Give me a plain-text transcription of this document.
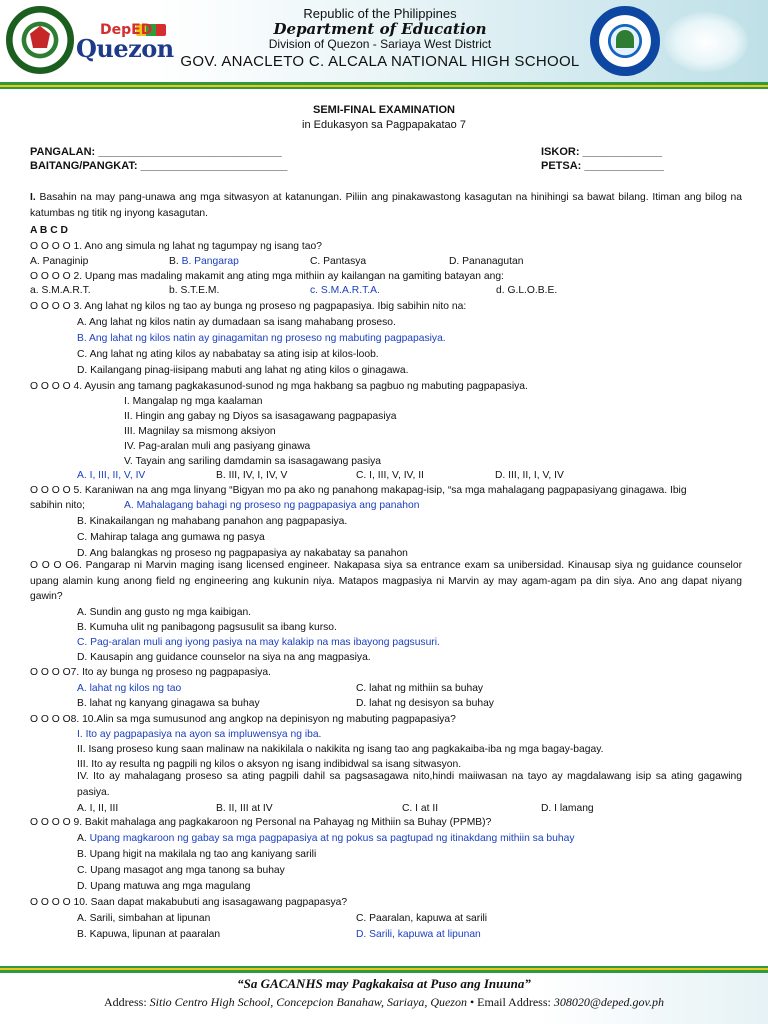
DepED
Quezon
Republic of the Philippines
Department of Education
Division of Quezon - Sariaya West District
GOV. ANACLETO C. ALCALA NATIONAL HIGH SCHOOL
SEMI-FINAL EXAMINATION
in Edukasyon sa Pagpapakatao 7
PANGALAN: ______________________________
BAITANG/PANGKAT: ________________________
ISKOR: _____________
PETSA: _____________
I. Basahin na may pang-unawa ang mga sitwasyon at katanungan. Piliin ang pinakawastong kasagutan na hinihingi sa bawat bilang. Itiman ang bilog na katumbas ng titik ng inyong kasagutan.
A B C D
O O O O 1. Ano ang simula ng lahat ng tagumpay ng isang tao?
A. Panaginip	B. B. Pangarap	C. Pantasya	D. Pananagutan
O O O O 2. Upang mas madaling makamit ang ating mga mithiin ay kailangan na gamiting batayan ang:
a. S.M.A.R.T.	b. S.T.E.M.	c. S.M.A.R.T.A.	d. G.L.O.B.E.
O O O O 3. Ang lahat ng kilos ng tao ay bunga ng proseso ng pagpapasiya. Ibig sabihin nito na:
A. Ang lahat ng kilos natin ay dumadaan sa isang mahabang proseso.
B. Ang lahat ng kilos natin ay ginagamitan ng proseso ng mabuting pagpapasiya.
C. Ang lahat ng ating kilos ay nababatay sa ating isip at kilos-loob.
D. Kailangang pinag-iisipang mabuti ang lahat ng ating kilos o ginagawa.
O O O O 4. Ayusin ang tamang pagkakasunod-sunod ng mga hakbang sa pagbuo ng mabuting pagpapasiya.
I. Mangalap ng mga kaalaman
II. Hingin ang gabay ng Diyos sa isasagawang pagpapasiya
III. Magnilay sa mismong aksiyon
IV. Pag-aralan muli ang pasiyang ginawa
V. Tayain ang sariling damdamin sa isasagawang pasiya
A. I, III, II, V, IV	B. III, IV, I, IV, V	C. I, III, V, IV, II	D. III, II, I, V, IV
O O O O 5. Karaniwan na ang mga linyang “Bigyan mo pa ako ng panahong makapag-isip, “sa mga mahalagang pagpapasiyang ginagawa. Ibig
sabihin nito;	A. Mahalagang bahagi ng proseso ng pagpapasiya ang panahon
B. Kinakailangan ng mahabang panahon ang pagpapasiya.
C. Mahirap talaga ang gumawa ng pasya
D. Ang balangkas ng proseso ng pagpapasiya ay nakabatay sa panahon
O O O O6. Pangarap ni Marvin maging isang licensed engineer. Nakapasa siya sa entrance exam sa unibersidad. Kinausap siya ng guidance counselor upang alamin kung anong field ng engineering ang kukunin niya. Matapos magpasiya ni Marvin ay may agam-agam pa din siya. Ano ang dapat niyang gawin?
A. Sundin ang gusto ng mga kaibigan.
B. Kumuha ulit ng panibagong pagsusulit sa ibang kurso.
C. Pag-aralan muli ang iyong pasiya na may kalakip na mas ibayong pagsusuri.
D. Kausapin ang guidance counselor na siya na ang magpasiya.
O O O O7. Ito ay bunga ng proseso ng pagpapasiya.
A. lahat ng kilos ng tao	C. lahat ng mithiin sa buhay
B. lahat ng kanyang ginagawa sa buhay	D. lahat ng desisyon sa buhay
O O O O8. 10.Alin sa mga sumusunod ang angkop na depinisyon ng mabuting pagpapasiya?
I. Ito ay pagpapasiya na ayon sa impluwensya ng iba.
II. Isang proseso kung saan malinaw na nakikilala o nakikita ng isang tao ang pagkakaiba-iba ng mga bagay-bagay.
III. Ito ay resulta ng pagpili ng kilos o aksyon ng isang indibidwal sa isang sitwasyon.
IV. Ito ay mahalagang proseso sa ating pagpili dahil sa pagsasagawa nito,hindi maiiwasan na tayo ay magdalawang isip sa ating gagawing pasiya.
A. I, II, III	B. II, III at IV	C. I at II	D. I lamang
O O O O 9. Bakit mahalaga ang pagkakaroon ng Personal na Pahayag ng Mithiin sa Buhay (PPMB)?
A. Upang magkaroon ng gabay sa mga pagpapasiya at ng pokus sa pagtupad ng itinakdang mithiin sa buhay
B. Upang higit na makilala ng tao ang kaniyang sarili
C. Upang masagot ang mga tanong sa buhay
D. Upang matuwa ang mga magulang
O O O O 10. Saan dapat makabubuti ang isasagawang pagpapasya?
A. Sarili, simbahan at lipunan	C. Paaralan, kapuwa at sarili
B. Kapuwa, lipunan at paaralan	D. Sarili, kapuwa at lipunan
“Sa GACANHS may Pagkakaisa at Puso ang Inuuna”
Address: Sitio Centro High School, Concepcion Banahaw, Sariaya, Quezon • Email Address: 308020@deped.gov.ph
